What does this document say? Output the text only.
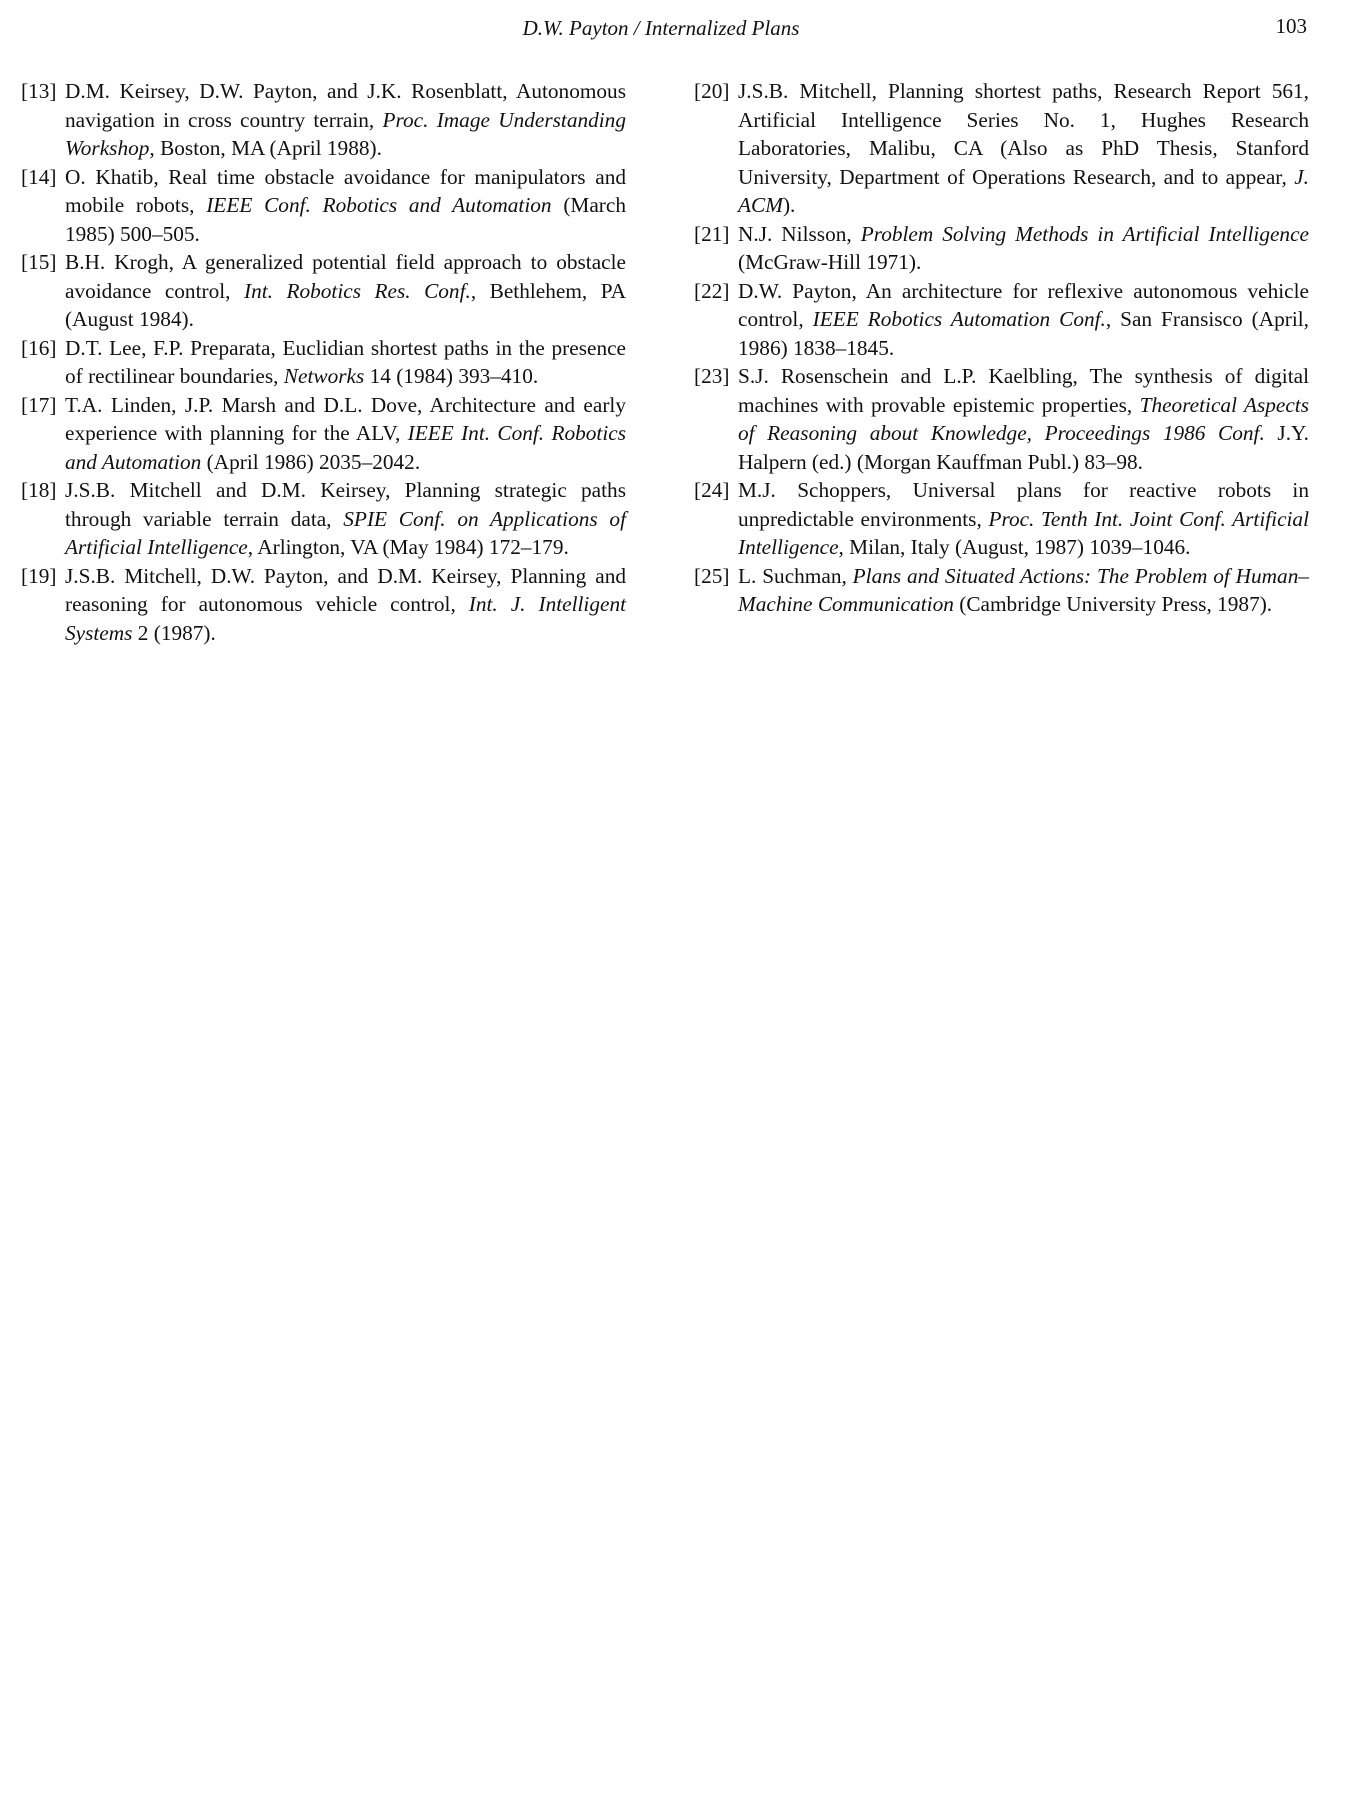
D.W. Payton / Internalized Plans	103
[13] D.M. Keirsey, D.W. Payton, and J.K. Rosenblatt, Autonomous navigation in cross country terrain, Proc. Image Understanding Workshop, Boston, MA (April 1988).
[14] O. Khatib, Real time obstacle avoidance for manipulators and mobile robots, IEEE Conf. Robotics and Automation (March 1985) 500–505.
[15] B.H. Krogh, A generalized potential field approach to obstacle avoidance control, Int. Robotics Res. Conf., Bethlehem, PA (August 1984).
[16] D.T. Lee, F.P. Preparata, Euclidian shortest paths in the presence of rectilinear boundaries, Networks 14 (1984) 393–410.
[17] T.A. Linden, J.P. Marsh and D.L. Dove, Architecture and early experience with planning for the ALV, IEEE Int. Conf. Robotics and Automation (April 1986) 2035–2042.
[18] J.S.B. Mitchell and D.M. Keirsey, Planning strategic paths through variable terrain data, SPIE Conf. on Applications of Artificial Intelligence, Arlington, VA (May 1984) 172–179.
[19] J.S.B. Mitchell, D.W. Payton, and D.M. Keirsey, Planning and reasoning for autonomous vehicle control, Int. J. Intelligent Systems 2 (1987).
[20] J.S.B. Mitchell, Planning shortest paths, Research Report 561, Artificial Intelligence Series No. 1, Hughes Research Laboratories, Malibu, CA (Also as PhD Thesis, Stanford University, Department of Operations Research, and to appear, J. ACM).
[21] N.J. Nilsson, Problem Solving Methods in Artificial Intelligence (McGraw-Hill 1971).
[22] D.W. Payton, An architecture for reflexive autonomous vehicle control, IEEE Robotics Automation Conf., San Fransisco (April, 1986) 1838–1845.
[23] S.J. Rosenschein and L.P. Kaelbling, The synthesis of digital machines with provable epistemic properties, Theoretical Aspects of Reasoning about Knowledge, Proceedings 1986 Conf. J.Y. Halpern (ed.) (Morgan Kauffman Publ.) 83–98.
[24] M.J. Schoppers, Universal plans for reactive robots in unpredictable environments, Proc. Tenth Int. Joint Conf. Artificial Intelligence, Milan, Italy (August, 1987) 1039–1046.
[25] L. Suchman, Plans and Situated Actions: The Problem of Human–Machine Communication (Cambridge University Press, 1987).
